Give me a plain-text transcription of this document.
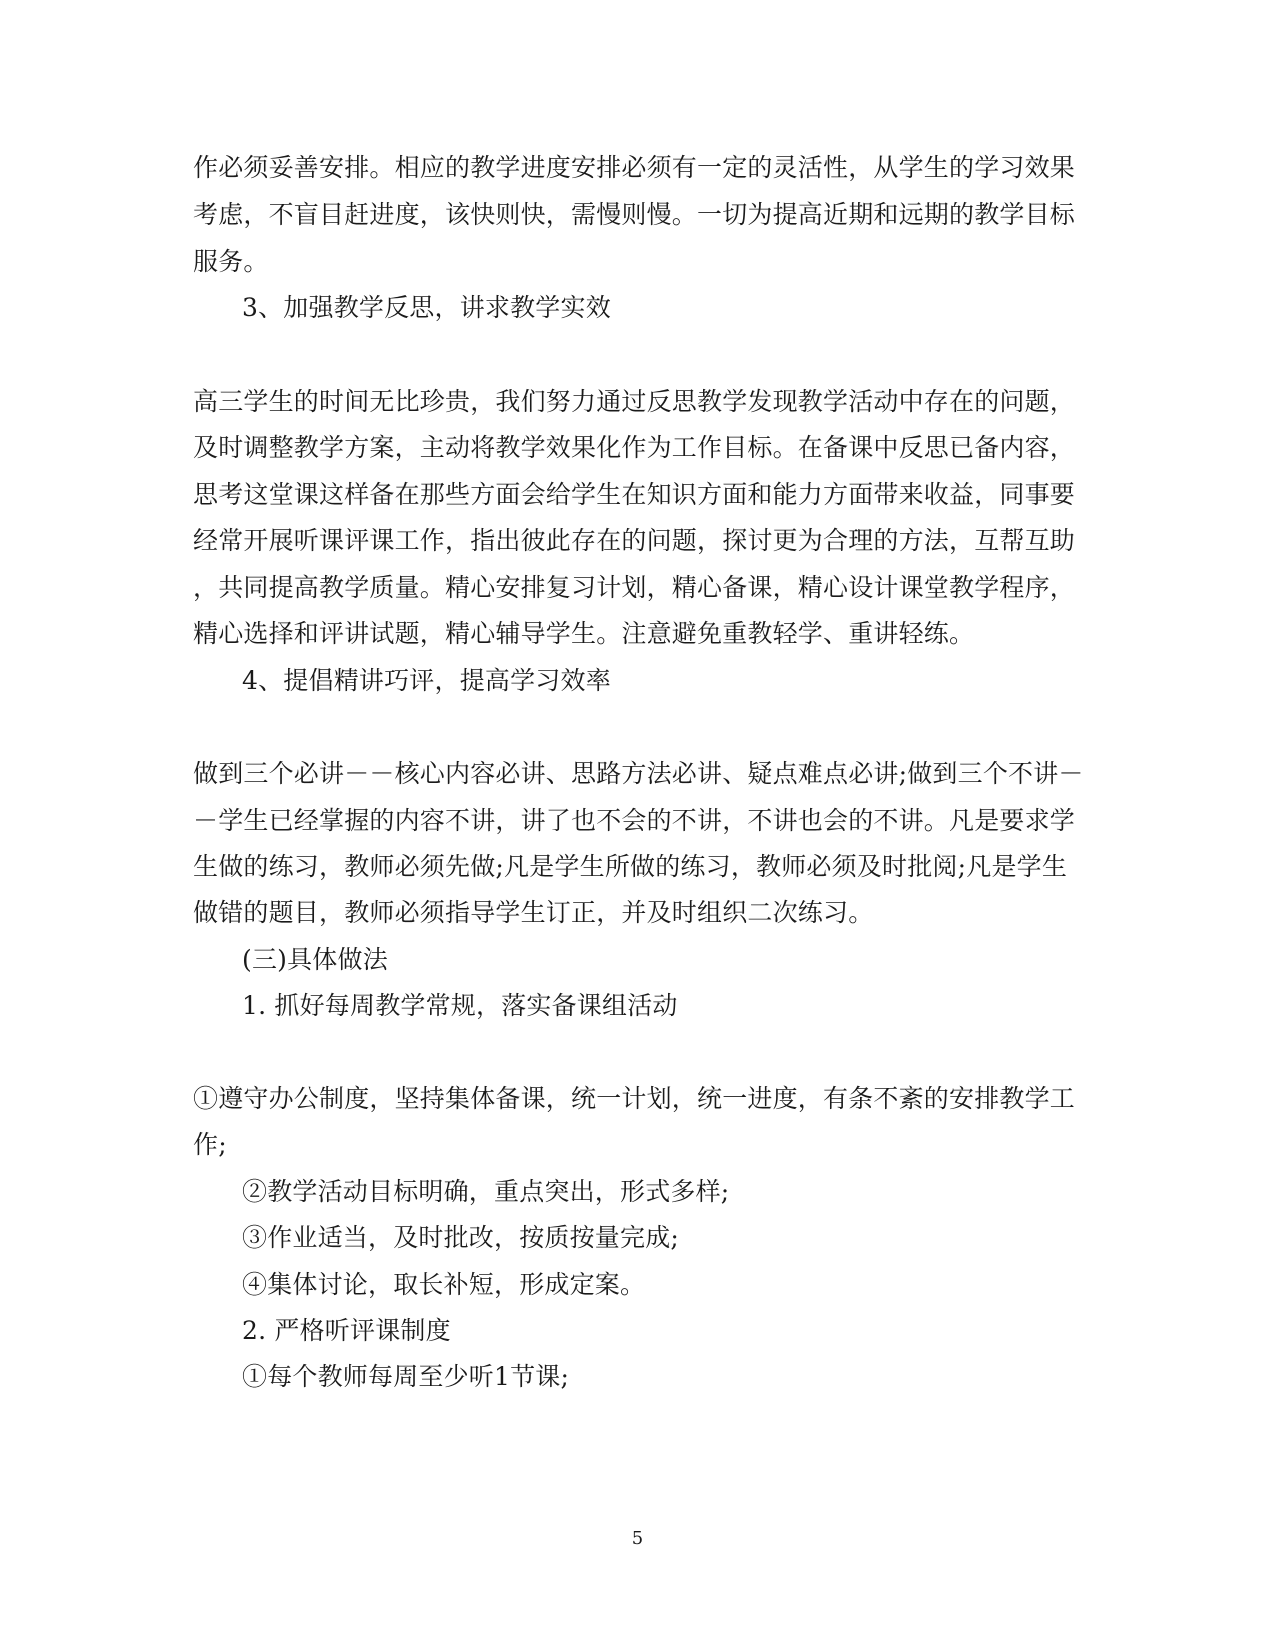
作必须妥善安排。相应的教学进度安排必须有一定的灵活性，从学生的学习效果
考虑，不盲目赶进度，该快则快，需慢则慢。一切为提高近期和远期的教学目标
服务。
3、加强教学反思，讲求教学实效
高三学生的时间无比珍贵，我们努力通过反思教学发现教学活动中存在的问题，
及时调整教学方案，主动将教学效果化作为工作目标。在备课中反思已备内容，
思考这堂课这样备在那些方面会给学生在知识方面和能力方面带来收益，同事要
经常开展听课评课工作，指出彼此存在的问题，探讨更为合理的方法，互帮互助
，共同提高教学质量。精心安排复习计划，精心备课，精心设计课堂教学程序，
精心选择和评讲试题，精心辅导学生。注意避免重教轻学、重讲轻练。
4、提倡精讲巧评，提高学习效率
做到三个必讲－－核心内容必讲、思路方法必讲、疑点难点必讲;做到三个不讲－
－学生已经掌握的内容不讲，讲了也不会的不讲，不讲也会的不讲。凡是要求学
生做的练习，教师必须先做;凡是学生所做的练习，教师必须及时批阅;凡是学生
做错的题目，教师必须指导学生订正，并及时组织二次练习。
(三)具体做法
1. 抓好每周教学常规，落实备课组活动
①遵守办公制度，坚持集体备课，统一计划，统一进度，有条不紊的安排教学工
作;
②教学活动目标明确，重点突出，形式多样;
③作业适当，及时批改，按质按量完成;
④集体讨论，取长补短，形成定案。
2. 严格听评课制度
①每个教师每周至少听1节课;
5
